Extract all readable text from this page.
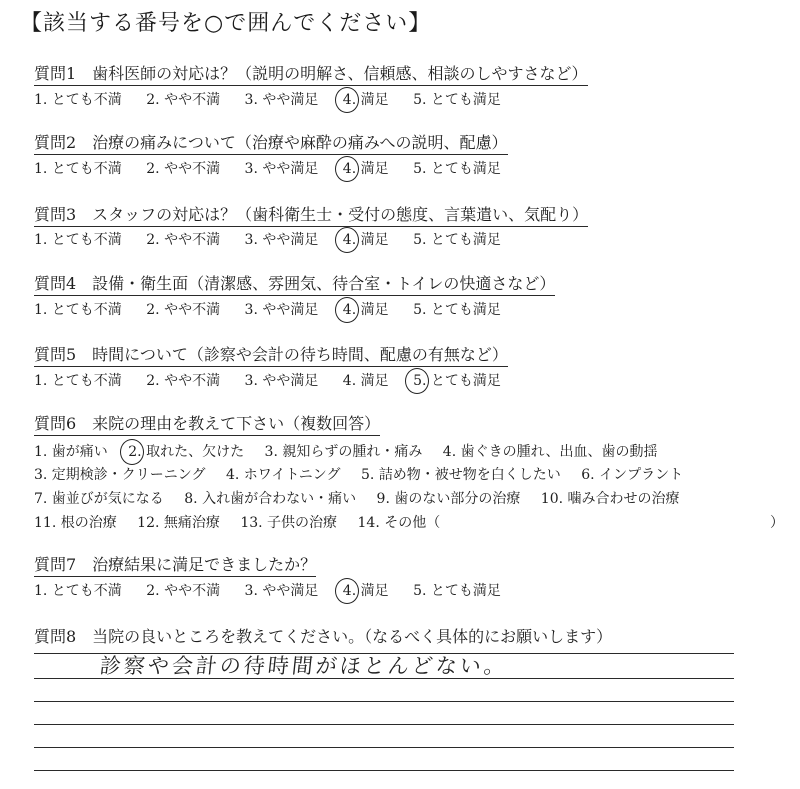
【該当する番号を○で囲んでください】
質問1　歯科医師の対応は？（説明の明解さ、信頼感、相談のしやすさなど）
1. とても不満 2. やや不満 3. やや満足 4. 満足 5. とても満足
質問2　治療の痛みについて（治療や麻酔の痛みへの説明、配慮）
1. とても不満 2. やや不満 3. やや満足 4. 満足 5. とても満足
質問3　スタッフの対応は？（歯科衛生士・受付の態度、言葉遣い、気配り）
1. とても不満 2. やや不満 3. やや満足 4. 満足 5. とても満足
質問4　設備・衛生面（清潔感、雰囲気、待合室・トイレの快適さなど）
1. とても不満 2. やや不満 3. やや満足 4. 満足 5. とても満足
質問5　時間について（診察や会計の待ち時間、配慮の有無など）
1. とても不満 2. やや不満 3. やや満足 4. 満足 5. とても満足
質問6　来院の理由を教えて下さい（複数回答）
1. 歯が痛い 2. 取れた、欠けた 3. 親知らずの腫れ・痛み 4. 歯ぐきの腫れ、出血、歯の動揺
3. 定期検診・クリーニング 4. ホワイトニング 5. 詰め物・被せ物を白くしたい 6. インプラント
7. 歯並びが気になる 8. 入れ歯が合わない・痛い 9. 歯のない部分の治療 10. 噛み合わせの治療
11. 根の治療 12. 無痛治療 13. 子供の治療 14. その他（	）
質問7　治療結果に満足できましたか？
1. とても不満 2. やや不満 3. やや満足 4. 満足 5. とても満足
質問8　当院の良いところを教えてください。（なるべく具体的にお願いします）
診察や会計の待時間がほとんどない。
